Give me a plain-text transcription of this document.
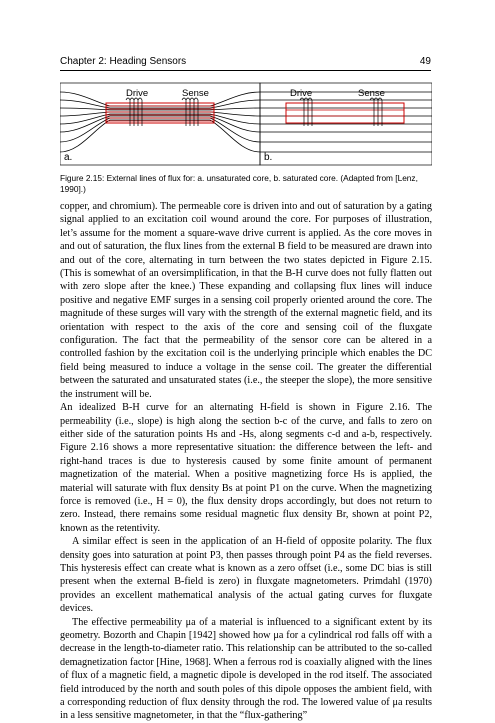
Chapter 2: Heading Sensors	49
Drive	Sense
a.
Drive	Sense
b.
Figure 2.15: External lines of flux for: a. unsaturated core, b. saturated core. (Adapted from [Lenz, 1990].)

copper, and chromium). The permeable core is driven into and out of saturation by a gating signal applied to an excitation coil wound around the core. For purposes of illustration, let’s assume for the moment a square-wave drive current is applied. As the core moves in and out of saturation, the flux lines from the external B field to be measured are drawn into and out of the core, alternating in turn between the two states depicted in Figure 2.15. (This is somewhat of an oversimplification, in that the B-H curve does not fully flatten out with zero slope after the knee.) These expanding and collapsing flux lines will induce positive and negative EMF surges in a sensing coil properly oriented around the core. The magnitude of these surges will vary with the strength of the external magnetic field, and its orientation with respect to the axis of the core and sensing coil of the fluxgate configuration. The fact that the permeability of the sensor core can be altered in a controlled fashion by the excitation coil is the underlying principle which enables the DC field being measured to induce a voltage in the sense coil. The greater the differential between the saturated and unsaturated states (i.e., the steeper the slope), the more sensitive the instrument will be.

An idealized B-H curve for an alternating H-field is shown in Figure 2.16. The permeability (i.e., slope) is high along the section b-c of the curve, and falls to zero on either side of the saturation points Hs and -Hs, along segments c-d and a-b, respectively. Figure 2.16 shows a more representative situation: the difference between the left- and right-hand traces is due to hysteresis caused by some finite amount of permanent magnetization of the material. When a positive magnetizing force Hs is applied, the material will saturate with flux density Bs at point P1 on the curve. When the magnetizing force is removed (i.e., H = 0), the flux density drops accordingly, but does not return to zero. Instead, there remains some residual magnetic flux density Br, shown at point P2, known as the retentivity.

A similar effect is seen in the application of an H-field of opposite polarity. The flux density goes into saturation at point P3, then passes through point P4 as the field reverses. This hysteresis effect can create what is known as a zero offset (i.e., some DC bias is still present when the external B-field is zero) in fluxgate magnetometers. Primdahl (1970) provides an excellent mathematical analysis of the actual gating curves for fluxgate devices.

The effective permeability μa of a material is influenced to a significant extent by its geometry. Bozorth and Chapin [1942] showed how μa for a cylindrical rod falls off with a decrease in the length-to-diameter ratio. This relationship can be attributed to the so-called demagnetization factor [Hine, 1968]. When a ferrous rod is coaxially aligned with the lines of flux of a magnetic field, a magnetic dipole is developed in the rod itself. The associated field introduced by the north and south poles of this dipole opposes the ambient field, with a corresponding reduction of flux density through the rod. The lowered value of μa results in a less sensitive magnetometer, in that the “flux-gathering”
